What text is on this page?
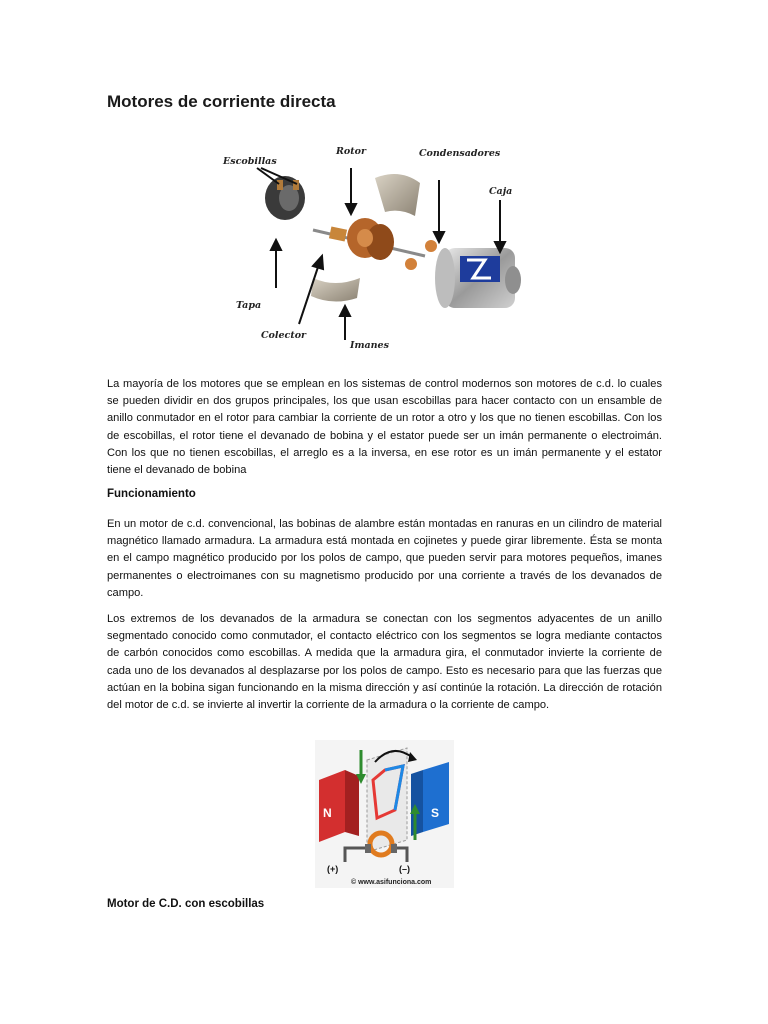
Motores de corriente directa
Escobillas
Rotor	Condensadores
Caja
Tapa
Colector
Imanes
La mayoría de los motores que se emplean en los sistemas de control modernos son motores de c.d. lo cuales se pueden dividir en dos grupos principales, los que usan escobillas para hacer contacto con un ensamble de anillo conmutador en el rotor para cambiar la corriente de un rotor a otro y los que no tienen escobillas. Con los de escobillas, el rotor tiene el devanado de bobina y el estator puede ser un imán permanente o electroimán. Con los que no tienen escobillas, el arreglo es a la inversa, en ese rotor es un imán permanente y el estator tiene el devanado de bobina
Funcionamiento
En un motor de c.d. convencional, las bobinas de alambre están montadas en ranuras en un cilindro de material magnético llamado armadura. La armadura está montada en cojinetes y puede girar libremente. Ésta se monta en el campo magnético producido por los polos de campo, que pueden servir para motores pequeños, imanes permanentes o electroimanes con su magnetismo producido por una corriente a través de los devanados de campo.
Los extremos de los devanados de la armadura se conectan con los segmentos adyacentes de un anillo segmentado conocido como conmutador, el contacto eléctrico con los segmentos se logra mediante contactos de carbón conocidos como escobillas. A medida que la armadura gira, el conmutador invierte la corriente de cada uno de los devanados al desplazarse por los polos de campo. Esto es necesario para que las fuerzas que actúan en la bobina sigan funcionando en la misma dirección y así continúe la rotación. La dirección de rotación del motor de c.d. se invierte al invertir la corriente de la armadura o la corriente de campo.
N	S
(+)	(–)
© www.asifunciona.com
Motor de C.D. con escobillas
